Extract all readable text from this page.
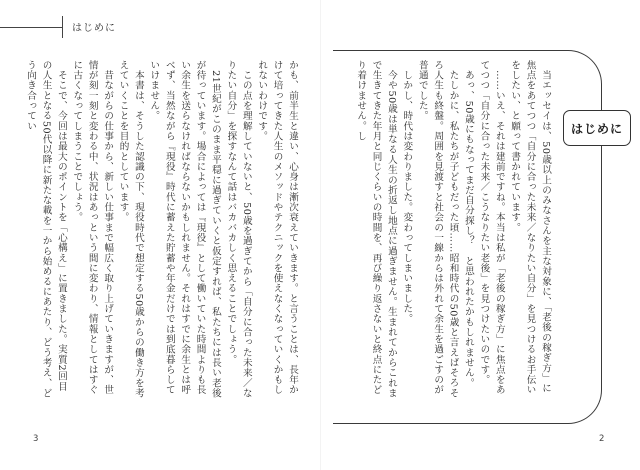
はじめに
はじめに
　当エッセイは、50歳以上のみなさんを主な対象に、「老後の稼ぎ方」に焦点をあてつつ「自分に合った未来／なりたい自分」を見つけるお手伝いをしたい、と願って書かれています。
　……いえ、それは建前ですね。本当は私が「老後の稼ぎ方」に焦点をあてつつ「自分に合った未来／こうなりたい老後」を見つけたいのです。
　あっ、50歳にもなってまだ自分探し？　と思われたかもしれません。
　たしかに、私たちが子どもだった頃……昭和時代の50歳と言えばそろそろ人生も終盤。周囲を見渡すと社会の一線からは外れて余生を過ごすのが普通でした。
　しかし、時代は変わりました。変わってしまいました。
　今や50歳は単なる人生の折返し地点に過ぎません。生まれてからこれまで生きてきた年月と同じくらいの時間を、再び繰り返さないと終点にたどり着けません。し
かも、前半生と違い、心身は漸次衰えていきます。と言うことは、長年かけて培ってきた人生のメソッドやテクニックを使えなくなっていくかもしれないわけです。
　この点を理解していないと、50歳を過ぎてから「自分に合った未来／なりたい自分」を探すなんて話はバカバカしく思えることでしょう。
　21世紀がこのまま平穏に過ぎていくと仮定すれば、私たちには長い老後が待っています。場合によっては『現役』として働いていた時間よりも長い余生を送らなければならないかもしれません。それはすでに余生とは呼べず、当然ながら『現役』時代に蓄えた貯蓄や年金だけでは到底暮らしていけません。
　本書は、そうした認識の下、現役時代で想定する50歳からの働き方を考えていくことを目的としています。
　昔ながらの仕事から、新しい仕事まで幅広く取り上げていきますが、世情が刻一刻と変わる中、状況はあっという間に変わり、情報としてはすぐに古くなってしまうことでしょう。
　そこで、今回は最大のポイントを「心構え」に置きました。実質2回目の人生となる50代以降に新たな載を一から始めるにあたり、どう考え、どう向き合ってい
3	2
